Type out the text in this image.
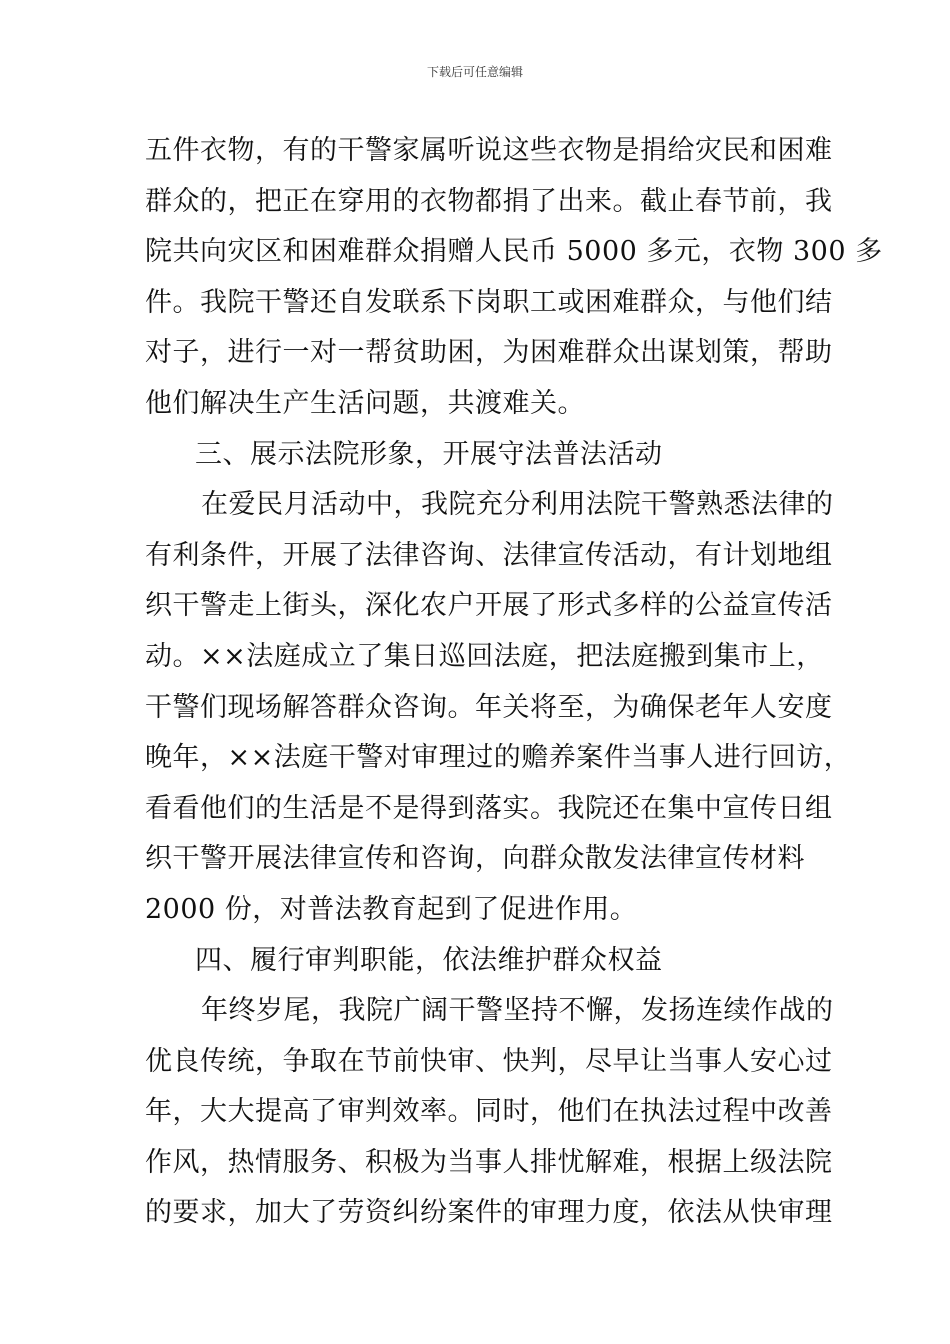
下载后可任意编辑
五件衣物，有的干警家属听说这些衣物是捐给灾民和困难
群众的，把正在穿用的衣物都捐了出来。截止春节前，我
院共向灾区和困难群众捐赠人民币 5000 多元，衣物 300 多
件。我院干警还自发联系下岗职工或困难群众，与他们结
对子，进行一对一帮贫助困，为困难群众出谋划策，帮助
他们解决生产生活问题，共渡难关。
三、展示法院形象，开展守法普法活动
在爱民月活动中，我院充分利用法院干警熟悉法律的
有利条件，开展了法律咨询、法律宣传活动，有计划地组
织干警走上街头，深化农户开展了形式多样的公益宣传活
动。××法庭成立了集日巡回法庭，把法庭搬到集市上，
干警们现场解答群众咨询。年关将至，为确保老年人安度
晚年，××法庭干警对审理过的赡养案件当事人进行回访，
看看他们的生活是不是得到落实。我院还在集中宣传日组
织干警开展法律宣传和咨询，向群众散发法律宣传材料
2000 份，对普法教育起到了促进作用。
四、履行审判职能，依法维护群众权益
年终岁尾，我院广阔干警坚持不懈，发扬连续作战的
优良传统，争取在节前快审、快判，尽早让当事人安心过
年，大大提高了审判效率。同时，他们在执法过程中改善
作风，热情服务、积极为当事人排忧解难，根据上级法院
的要求，加大了劳资纠纷案件的审理力度，依法从快审理
